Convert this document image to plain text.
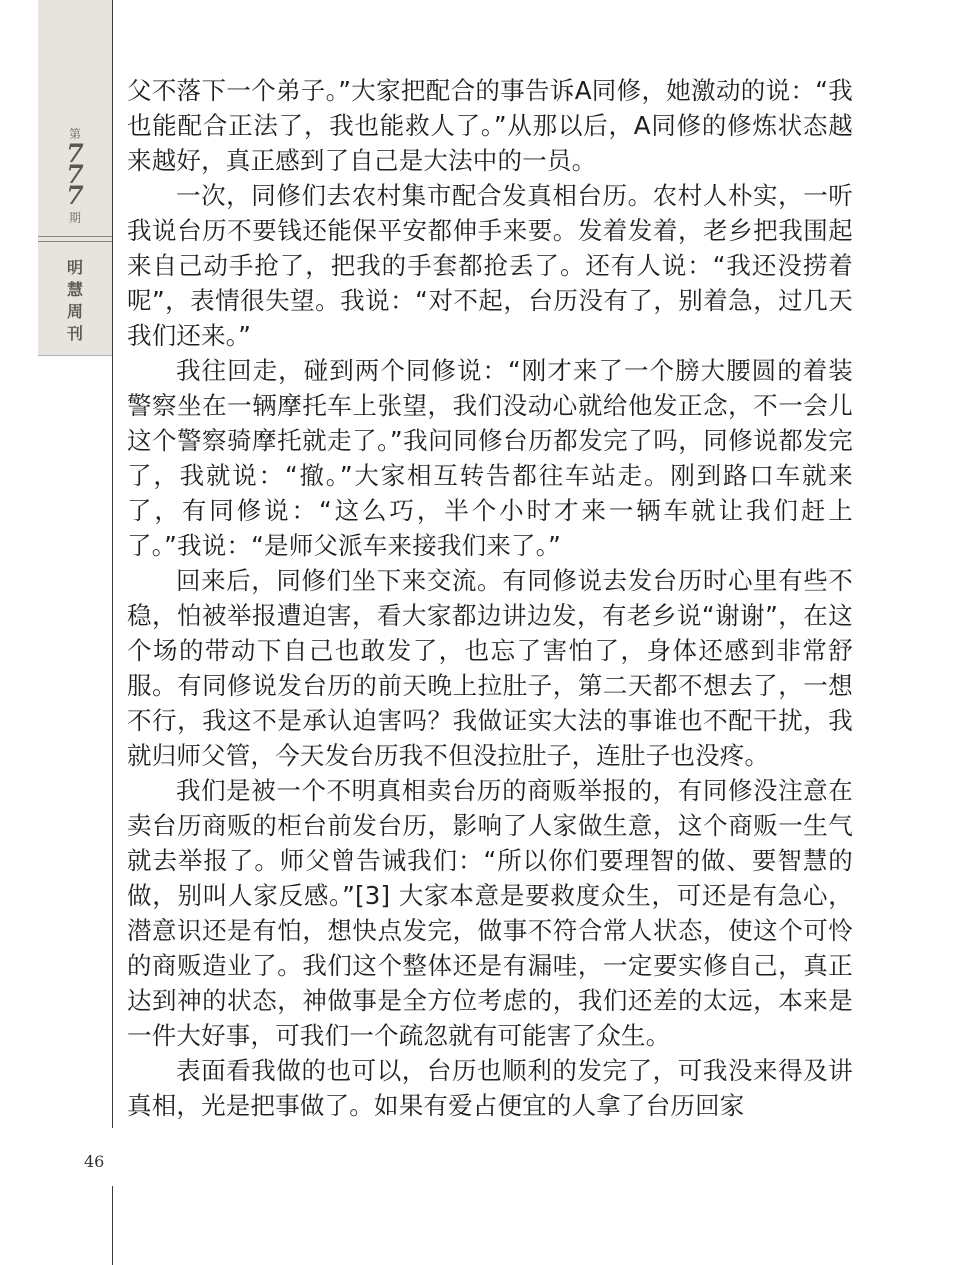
第
777
期
明慧周刊
46

父不落下一个弟子。”大家把配合的事告诉A同修，她激动的说：“我也能配合正法了，我也能救人了。”从那以后，A同修的修炼状态越来越好，真正感到了自己是大法中的一员。

一次，同修们去农村集市配合发真相台历。农村人朴实，一听我说台历不要钱还能保平安都伸手来要。发着发着，老乡把我围起来自己动手抢了，把我的手套都抢丢了。还有人说：“我还没捞着呢”，表情很失望。我说：“对不起，台历没有了，别着急，过几天我们还来。”

我往回走，碰到两个同修说：“刚才来了一个膀大腰圆的着装警察坐在一辆摩托车上张望，我们没动心就给他发正念，不一会儿这个警察骑摩托就走了。”我问同修台历都发完了吗，同修说都发完了，我就说：“撤。”大家相互转告都往车站走。刚到路口车就来了，有同修说：“这么巧，半个小时才来一辆车就让我们赶上了。”我说：“是师父派车来接我们来了。”

回来后，同修们坐下来交流。有同修说去发台历时心里有些不稳，怕被举报遭迫害，看大家都边讲边发，有老乡说“谢谢”，在这个场的带动下自己也敢发了，也忘了害怕了，身体还感到非常舒服。有同修说发台历的前天晚上拉肚子，第二天都不想去了，一想不行，我这不是承认迫害吗？我做证实大法的事谁也不配干扰，我就归师父管，今天发台历我不但没拉肚子，连肚子也没疼。

我们是被一个不明真相卖台历的商贩举报的，有同修没注意在卖台历商贩的柜台前发台历，影响了人家做生意，这个商贩一生气就去举报了。师父曾告诫我们：“所以你们要理智的做、要智慧的做，别叫人家反感。”[3] 大家本意是要救度众生，可还是有急心，潜意识还是有怕，想快点发完，做事不符合常人状态，使这个可怜的商贩造业了。我们这个整体还是有漏哇，一定要实修自己，真正达到神的状态，神做事是全方位考虑的，我们还差的太远，本来是一件大好事，可我们一个疏忽就有可能害了众生。

表面看我做的也可以，台历也顺利的发完了，可我没来得及讲真相，光是把事做了。如果有爱占便宜的人拿了台历回家
